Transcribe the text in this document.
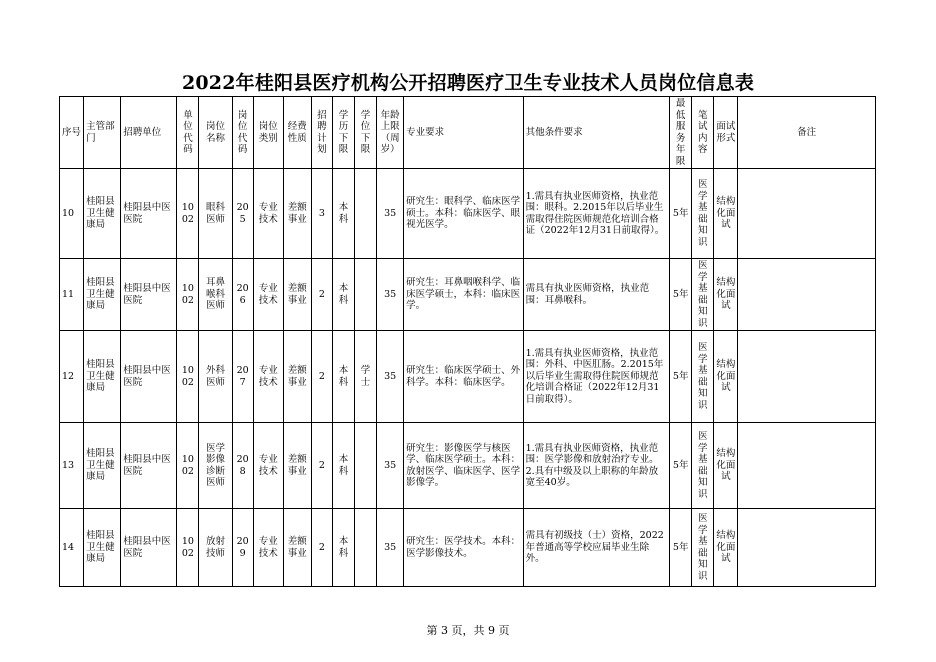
2022年桂阳县医疗机构公开招聘医疗卫生专业技术人员岗位信息表
序号	主管部门	招聘单位	单位代码	岗位名称	岗位代码	岗位类别	经费性质	招聘计划	学历下限	学位下限	年龄上限（周岁）	专业要求	其他条件要求	最低服务年限	笔试内容	面试形式	备注
10	桂阳县卫生健康局	桂阳县中医医院	1002	眼科医师	205	专业技术	差额事业	3	本科		35	研究生：眼科学、临床医学硕士。本科：临床医学、眼视光医学。	1.需具有执业医师资格，执业范围：眼科。2.2015年以后毕业生需取得住院医师规范化培训合格证（2022年12月31日前取得）。	5年	医学基础知识	结构化面试	
11	桂阳县卫生健康局	桂阳县中医医院	1002	耳鼻喉科医师	206	专业技术	差额事业	2	本科		35	研究生：耳鼻咽喉科学、临床医学硕士，本科：临床医学。	需具有执业医师资格，执业范围：耳鼻喉科。	5年	医学基础知识	结构化面试	
12	桂阳县卫生健康局	桂阳县中医医院	1002	外科医师	207	专业技术	差额事业	2	本科	学士	35	研究生：临床医学硕士、外科学。本科：临床医学。	1.需具有执业医师资格，执业范围：外科、中医肛肠。2.2015年以后毕业生需取得住院医师规范化培训合格证（2022年12月31日前取得）。	5年	医学基础知识	结构化面试	
13	桂阳县卫生健康局	桂阳县中医医院	1002	医学影像诊断医师	208	专业技术	差额事业	2	本科		35	研究生：影像医学与核医学、临床医学硕士。本科：放射医学、临床医学、医学影像学。	1.需具有执业医师资格，执业范围：医学影像和放射治疗专业。2.具有中级及以上职称的年龄放宽至40岁。	5年	医学基础知识	结构化面试	
14	桂阳县卫生健康局	桂阳县中医医院	1002	放射技师	209	专业技术	差额事业	2	本科		35	研究生：医学技术。本科：医学影像技术。	需具有初级技（士）资格，2022年普通高等学校应届毕业生除外。	5年	医学基础知识	结构化面试	
第 3 页，共 9 页
